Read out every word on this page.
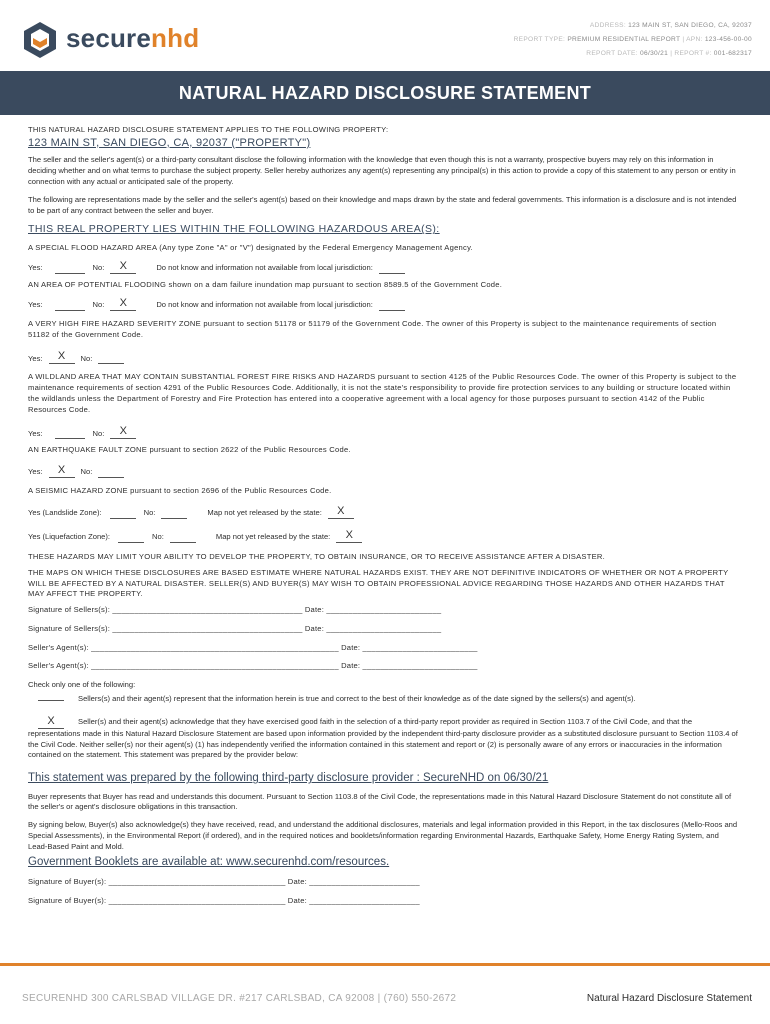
securenhd	ADDRESS: 123 MAIN ST, SAN DIEGO, CA, 92037
REPORT TYPE: PREMIUM RESIDENTIAL REPORT | APN: 123-456-00-00
REPORT DATE: 06/30/21 | REPORT #: 001-682317
NATURAL HAZARD DISCLOSURE STATEMENT

THIS NATURAL HAZARD DISCLOSURE STATEMENT APPLIES TO THE FOLLOWING PROPERTY:

123 MAIN ST, SAN DIEGO, CA, 92037 ("PROPERTY")

The seller and the seller's agent(s) or a third-party consultant disclose the following information with the knowledge that even though this is not a warranty, prospective buyers may rely on this information in deciding whether and on what terms to purchase the subject property. Seller hereby authorizes any agent(s) representing any principal(s) in this action to provide a copy of this statement to any person or entity in connection with any actual or anticipated sale of the property.

The following are representations made by the seller and the seller's agent(s) based on their knowledge and maps drawn by the state and federal governments. This information is a disclosure and is not intended to be part of any contract between the seller and buyer.

THIS REAL PROPERTY LIES WITHIN THE FOLLOWING HAZARDOUS AREA(S):

A SPECIAL FLOOD HAZARD AREA (Any type Zone "A" or "V") designated by the Federal Emergency Management Agency.

Yes:	No:	X	Do not know and information not available from local jurisdiction:

AN AREA OF POTENTIAL FLOODING shown on a dam failure inundation map pursuant to section 8589.5 of the Government Code.

Yes:	No:	X	Do not know and information not available from local jurisdiction:

A VERY HIGH FIRE HAZARD SEVERITY ZONE pursuant to section 51178 or 51179 of the Government Code. The owner of this Property is subject to the maintenance requirements of section 51182 of the Government Code.

Yes:	X	No:

A WILDLAND AREA THAT MAY CONTAIN SUBSTANTIAL FOREST FIRE RISKS AND HAZARDS pursuant to section 4125 of the Public Resources Code. The owner of this Property is subject to the maintenance requirements of section 4291 of the Public Resources Code. Additionally, it is not the state's responsibility to provide fire protection services to any building or structure located within the wildlands unless the Department of Forestry and Fire Protection has entered into a cooperative agreement with a local agency for those purposes pursuant to section 4142 of the Public Resources Code.

Yes:	No:	X

AN EARTHQUAKE FAULT ZONE pursuant to section 2622 of the Public Resources Code.

Yes:	X	No:

A SEISMIC HAZARD ZONE pursuant to section 2696 of the Public Resources Code.

Yes (Landslide Zone):	No:	Map not yet released by the state:	X
Yes (Liquefaction Zone):	No:	Map not yet released by the state:	X

THESE HAZARDS MAY LIMIT YOUR ABILITY TO DEVELOP THE PROPERTY, TO OBTAIN INSURANCE, OR TO RECEIVE ASSISTANCE AFTER A DISASTER.

THE MAPS ON WHICH THESE DISCLOSURES ARE BASED ESTIMATE WHERE NATURAL HAZARDS EXIST. THEY ARE NOT DEFINITIVE INDICATORS OF WHETHER OR NOT A PROPERTY WILL BE AFFECTED BY A NATURAL DISASTER. SELLER(S) AND BUYER(S) MAY WISH TO OBTAIN PROFESSIONAL ADVICE REGARDING THOSE HAZARDS AND OTHER HAZARDS THAT MAY AFFECT THE PROPERTY.

Signature of Sellers(s): ___________________________________________ Date: __________________________

Signature of Sellers(s): ___________________________________________ Date: __________________________

Seller's Agent(s): ________________________________________________________ Date: __________________________

Seller's Agent(s): ________________________________________________________ Date: __________________________

Check only one of the following:

Sellers(s) and their agent(s) represent that the information herein is true and correct to the best of their knowledge as of the date signed by the sellers(s) and agent(s).

X	Seller(s) and their agent(s) acknowledge that they have exercised good faith in the selection of a third-party report provider as required in Section 1103.7 of the Civil Code, and that the representations made in this Natural Hazard Disclosure Statement are based upon information provided by the independent third-party disclosure provider as a substituted disclosure pursuant to Section 1103.4 of the Civil Code. Neither seller(s) nor their agent(s) (1) has independently verified the information contained in this statement and report or (2) is personally aware of any errors or inaccuracies in the information contained on the statement. This statement was prepared by the provider below:

This statement was prepared by the following third-party disclosure provider : SecureNHD on 06/30/21

Buyer represents that Buyer has read and understands this document. Pursuant to Section 1103.8 of the Civil Code, the representations made in this Natural Hazard Disclosure Statement do not constitute all of the seller's or agent's disclosure obligations in this transaction.

By signing below, Buyer(s) also acknowledge(s) they have received, read, and understand the additional disclosures, materials and legal information provided in this Report, in the tax disclosures (Mello-Roos and Special Assessments), in the Environmental Report (if ordered), and in the required notices and booklets/information regarding Environmental Hazards, Earthquake Safety, Home Energy Rating System, and Lead-Based Paint and Mold.

Government Booklets are available at: www.securenhd.com/resources.

Signature of Buyer(s): ________________________________________ Date: _________________________

Signature of Buyer(s): ________________________________________ Date: _________________________

SECURENHD 300 CARLSBAD VILLAGE DR. #217 CARLSBAD, CA 92008 | (760) 550-2672	Natural Hazard Disclosure Statement
